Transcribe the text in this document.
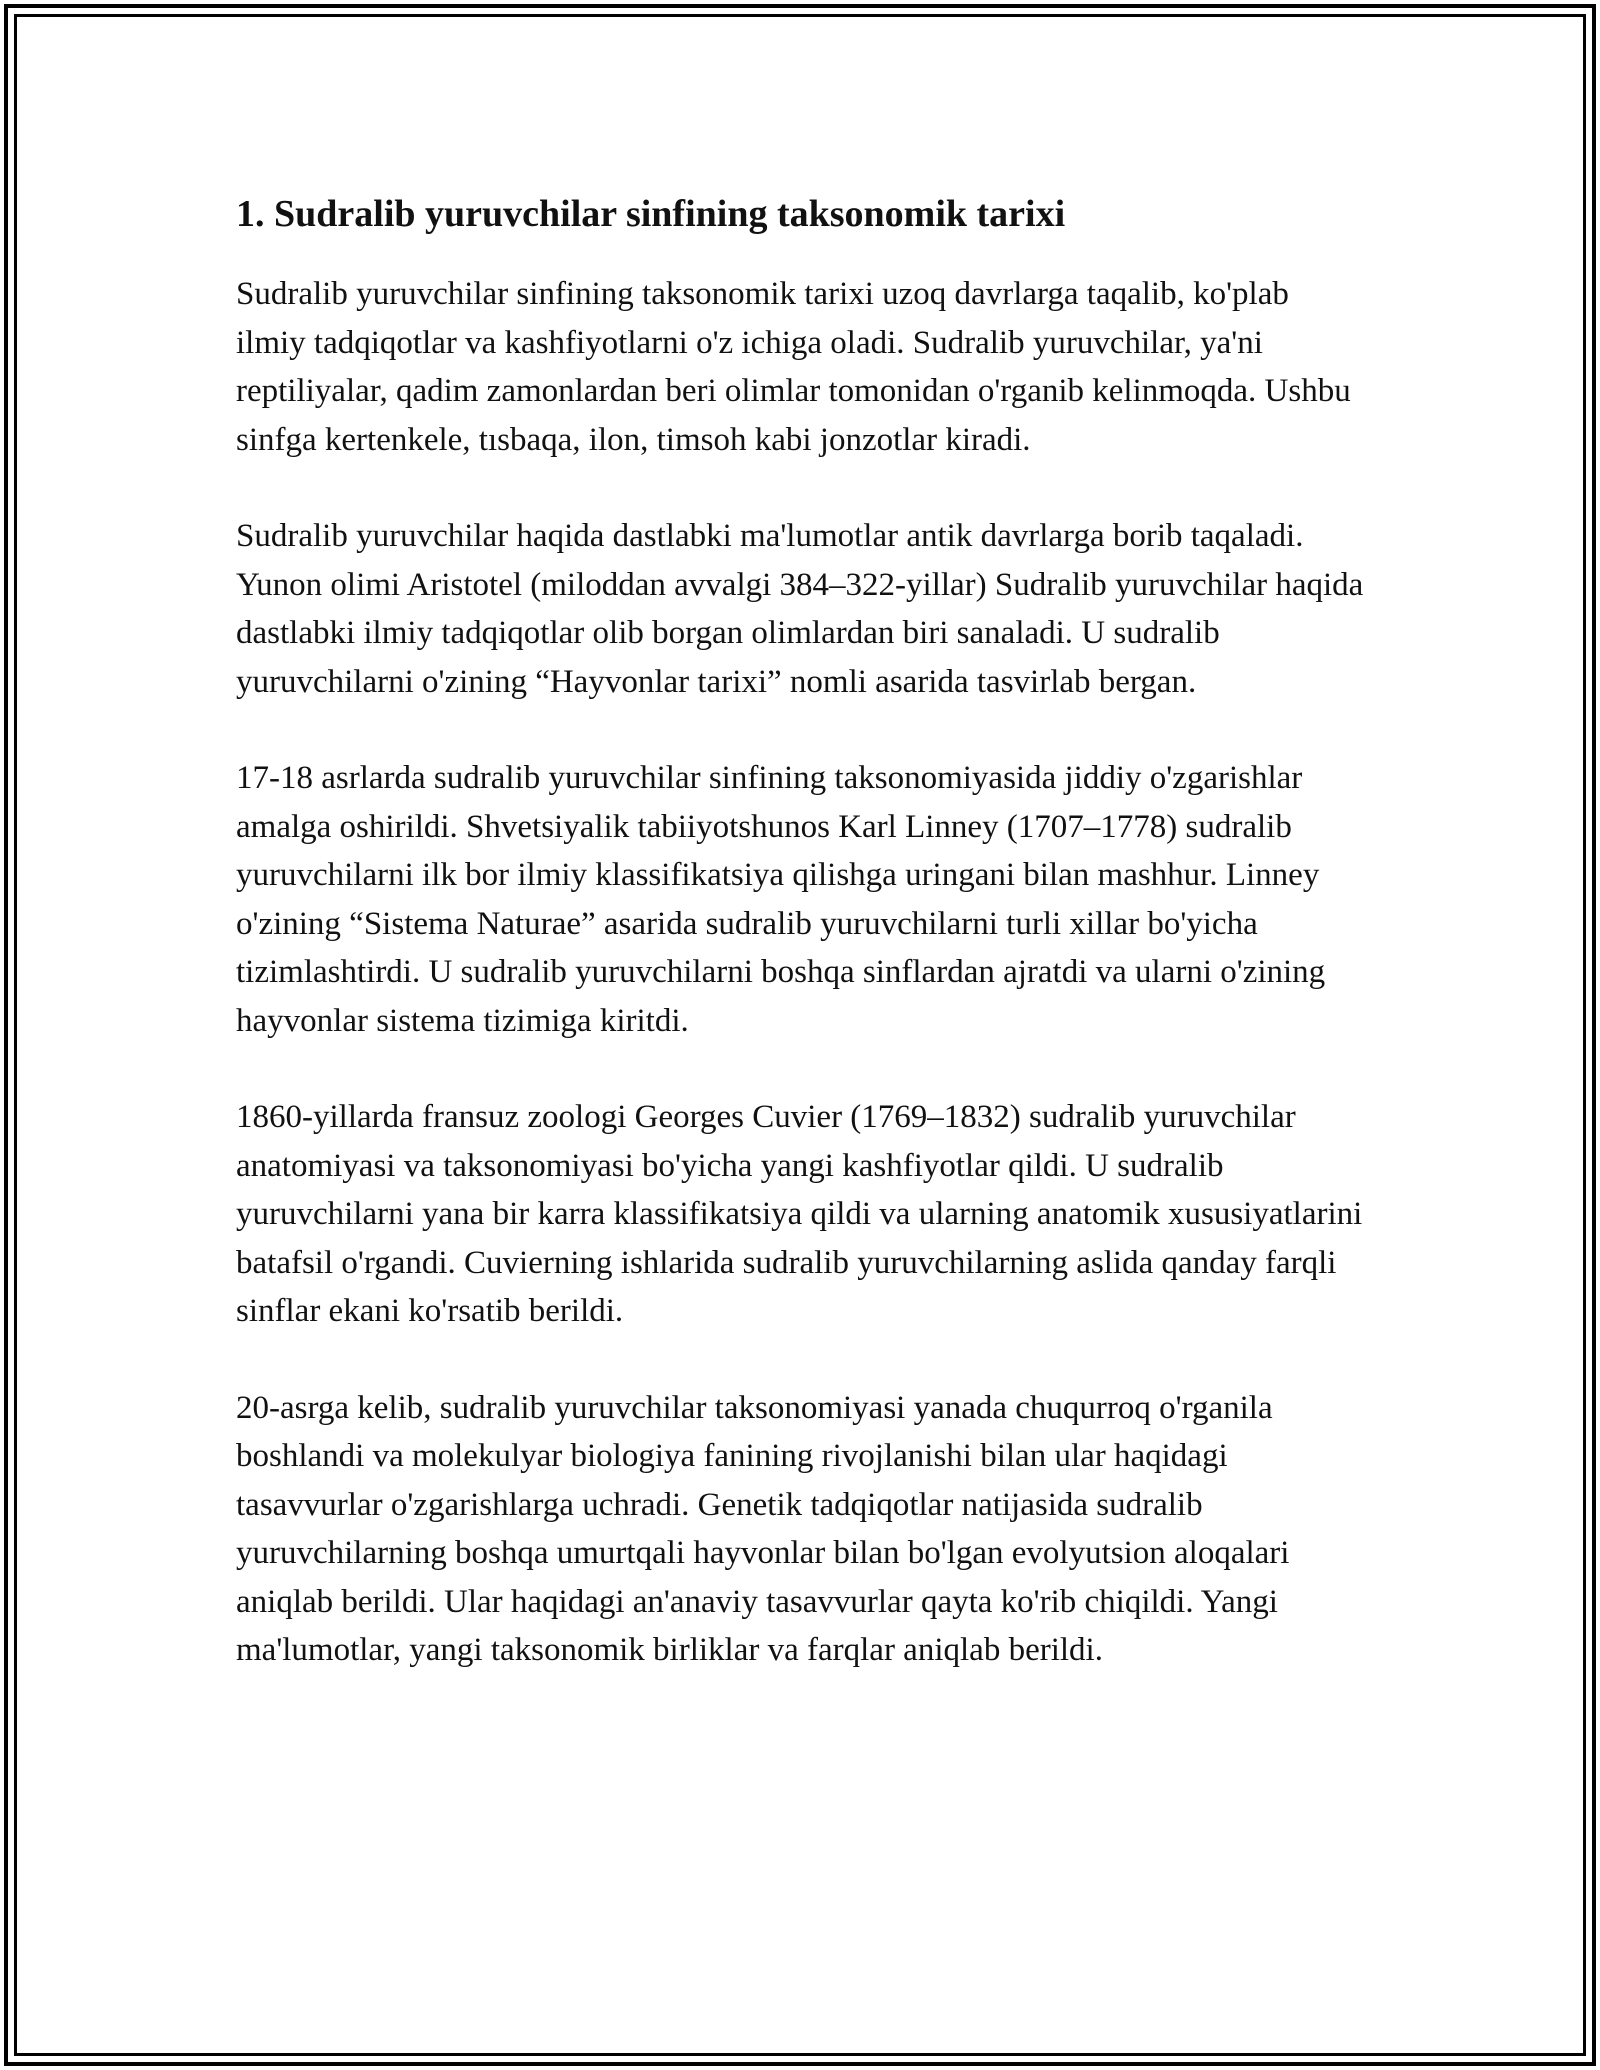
1. Sudralib yuruvchilar sinfining taksonomik tarixi

Sudralib yuruvchilar sinfining taksonomik tarixi uzoq davrlarga taqalib, ko'plab ilmiy tadqiqotlar va kashfiyotlarni o'z ichiga oladi. Sudralib yuruvchilar, ya'ni reptiliyalar, qadim zamonlardan beri olimlar tomonidan o'rganib kelinmoqda. Ushbu sinfga kertenkele, tısbaqa, ilon, timsoh kabi jonzotlar kiradi.

Sudralib yuruvchilar haqida dastlabki ma'lumotlar antik davrlarga borib taqaladi. Yunon olimi Aristotel (miloddan avvalgi 384–322-yillar) Sudralib yuruvchilar haqida dastlabki ilmiy tadqiqotlar olib borgan olimlardan biri sanaladi. U sudralib yuruvchilarni o'zining “Hayvonlar tarixi” nomli asarida tasvirlab bergan.

17-18 asrlarda sudralib yuruvchilar sinfining taksonomiyasida jiddiy o'zgarishlar amalga oshirildi. Shvetsiyalik tabiiyotshunos Karl Linney (1707–1778) sudralib yuruvchilarni ilk bor ilmiy klassifikatsiya qilishga uringani bilan mashhur. Linney o'zining “Sistema Naturae” asarida sudralib yuruvchilarni turli xillar bo'yicha tizimlashtirdi. U sudralib yuruvchilarni boshqa sinflardan ajratdi va ularni o'zining hayvonlar sistema tizimiga kiritdi.

1860-yillarda fransuz zoologi Georges Cuvier (1769–1832) sudralib yuruvchilar anatomiyasi va taksonomiyasi bo'yicha yangi kashfiyotlar qildi. U sudralib yuruvchilarni yana bir karra klassifikatsiya qildi va ularning anatomik xususiyatlarini batafsil o'rgandi. Cuvierning ishlarida sudralib yuruvchilarning aslida qanday farqli sinflar ekani ko'rsatib berildi.

20-asrga kelib, sudralib yuruvchilar taksonomiyasi yanada chuqurroq o'rganila boshlandi va molekulyar biologiya fanining rivojlanishi bilan ular haqidagi tasavvurlar o'zgarishlarga uchradi. Genetik tadqiqotlar natijasida sudralib yuruvchilarning boshqa umurtqali hayvonlar bilan bo'lgan evolyutsion aloqalari aniqlab berildi. Ular haqidagi an'anaviy tasavvurlar qayta ko'rib chiqildi. Yangi ma'lumotlar, yangi taksonomik birliklar va farqlar aniqlab berildi.
